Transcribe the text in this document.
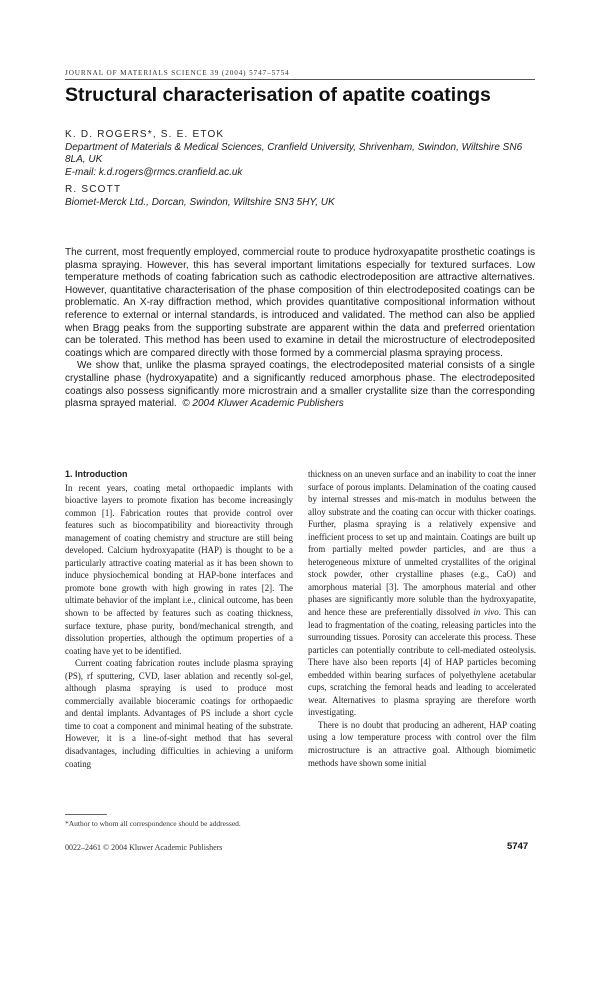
JOURNAL OF MATERIALS SCIENCE 39 (2004) 5747–5754
Structural characterisation of apatite coatings
K. D. ROGERS*, S. E. ETOK
Department of Materials & Medical Sciences, Cranfield University, Shrivenham, Swindon, Wiltshire SN6 8LA, UK
E-mail: k.d.rogers@rmcs.cranfield.ac.uk
R. SCOTT
Biomet-Merck Ltd., Dorcan, Swindon, Wiltshire SN3 5HY, UK

The current, most frequently employed, commercial route to produce hydroxyapatite prosthetic coatings is plasma spraying. However, this has several important limitations especially for textured surfaces. Low temperature methods of coating fabrication such as cathodic electrodeposition are attractive alternatives. However, quantitative characterisation of the phase composition of thin electrodeposited coatings can be problematic. An X-ray diffraction method, which provides quantitative compositional information without reference to external or internal standards, is introduced and validated. The method can also be applied when Bragg peaks from the supporting substrate are apparent within the data and preferred orientation can be tolerated. This method has been used to examine in detail the microstructure of electrodeposited coatings which are compared directly with those formed by a commercial plasma spraying process.

We show that, unlike the plasma sprayed coatings, the electrodeposited material consists of a single crystalline phase (hydroxyapatite) and a significantly reduced amorphous phase. The electrodeposited coatings also possess significantly more microstrain and a smaller crystallite size than the corresponding plasma sprayed material. © 2004 Kluwer Academic Publishers

1. Introduction

In recent years, coating metal orthopaedic implants with bioactive layers to promote fixation has become increasingly common [1]. Fabrication routes that provide control over features such as biocompatibility and bioreactivity through management of coating chemistry and structure are still being developed. Calcium hydroxyapatite (HAP) is thought to be a particularly attractive coating material as it has been shown to induce physiochemical bonding at HAP-bone interfaces and promote bone growth with high growing in rates [2]. The ultimate behavior of the implant i.e., clinical outcome, has been shown to be affected by features such as coating thickness, surface texture, phase purity, bond/mechanical strength, and dissolution properties, although the optimum properties of a coating have yet to be identified.

Current coating fabrication routes include plasma spraying (PS), rf sputtering, CVD, laser ablation and recently sol-gel, although plasma spraying is used to produce most commercially available bioceramic coatings for orthopaedic and dental implants. Advantages of PS include a short cycle time to coat a component and minimal heating of the substrate. However, it is a line-of-sight method that has several disadvantages, including difficulties in achieving a uniform coating

thickness on an uneven surface and an inability to coat the inner surface of porous implants. Delamination of the coating caused by internal stresses and mis-match in modulus between the alloy substrate and the coating can occur with thicker coatings. Further, plasma spraying is a relatively expensive and inefficient process to set up and maintain. Coatings are built up from partially melted powder particles, and are thus a heterogeneous mixture of unmelted crystallites of the original stock powder, other crystalline phases (e.g., CaO) and amorphous material [3]. The amorphous material and other phases are significantly more soluble than the hydroxyapatite, and hence these are preferentially dissolved in vivo. This can lead to fragmentation of the coating, releasing particles into the surrounding tissues. Porosity can accelerate this process. These particles can potentially contribute to cell-mediated osteolysis. There have also been reports [4] of HAP particles becoming embedded within bearing surfaces of polyethylene acetabular cups, scratching the femoral heads and leading to accelerated wear. Alternatives to plasma spraying are therefore worth investigating.

There is no doubt that producing an adherent, HAP coating using a low temperature process with control over the film microstructure is an attractive goal. Although biomimetic methods have shown some initial

*Author to whom all correspondence should be addressed.
0022–2461 © 2004 Kluwer Academic Publishers	5747
